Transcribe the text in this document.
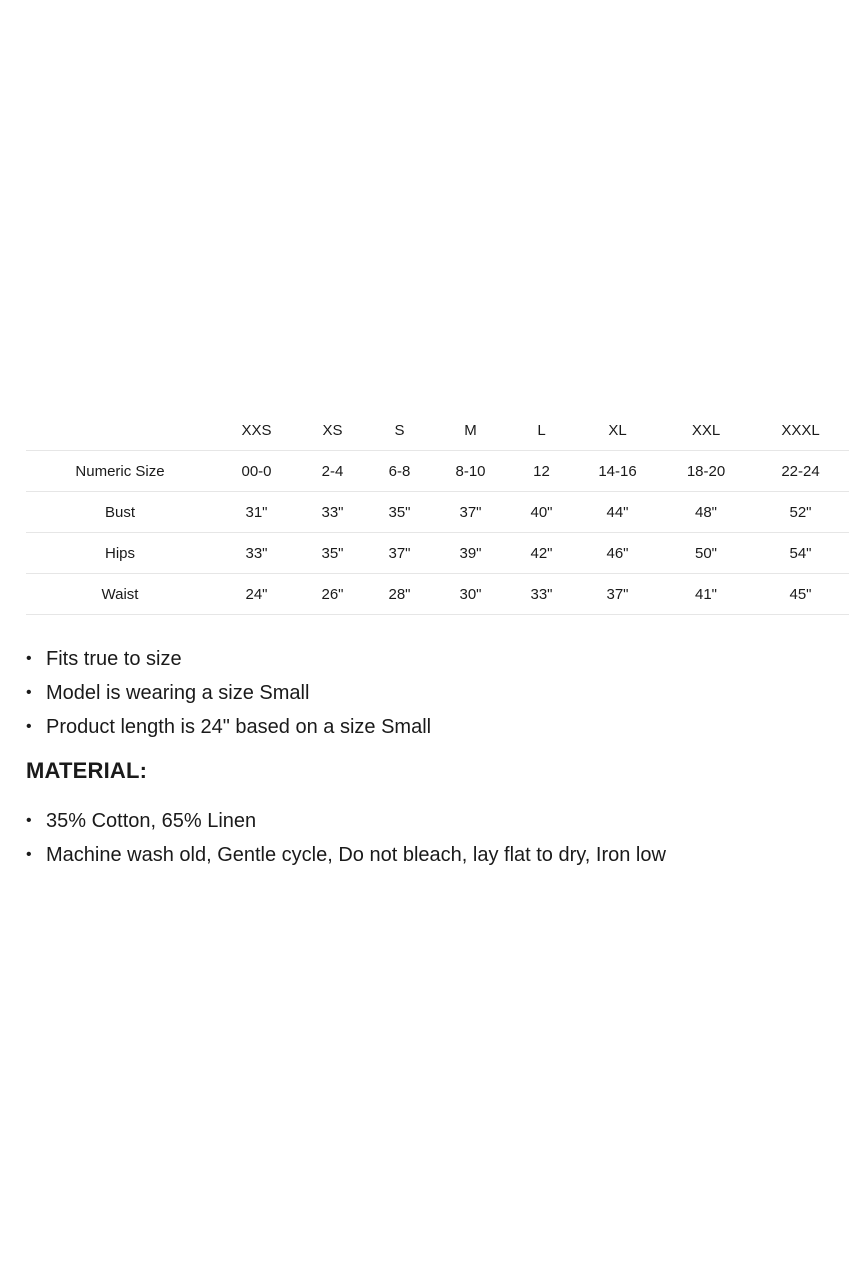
	XXS	XS	S	M	L	XL	XXL	XXXL
Numeric Size	00-0	2-4	6-8	8-10	12	14-16	18-20	22-24
Bust	31"	33"	35"	37"	40"	44"	48"	52"
Hips	33"	35"	37"	39"	42"	46"	50"	54"
Waist	24"	26"	28"	30"	33"	37"	41"	45"
• Fits true to size
• Model is wearing a size Small
• Product length is 24" based on a size Small
MATERIAL:
• 35% Cotton, 65% Linen
• Machine wash old, Gentle cycle, Do not bleach, lay flat to dry, Iron low
